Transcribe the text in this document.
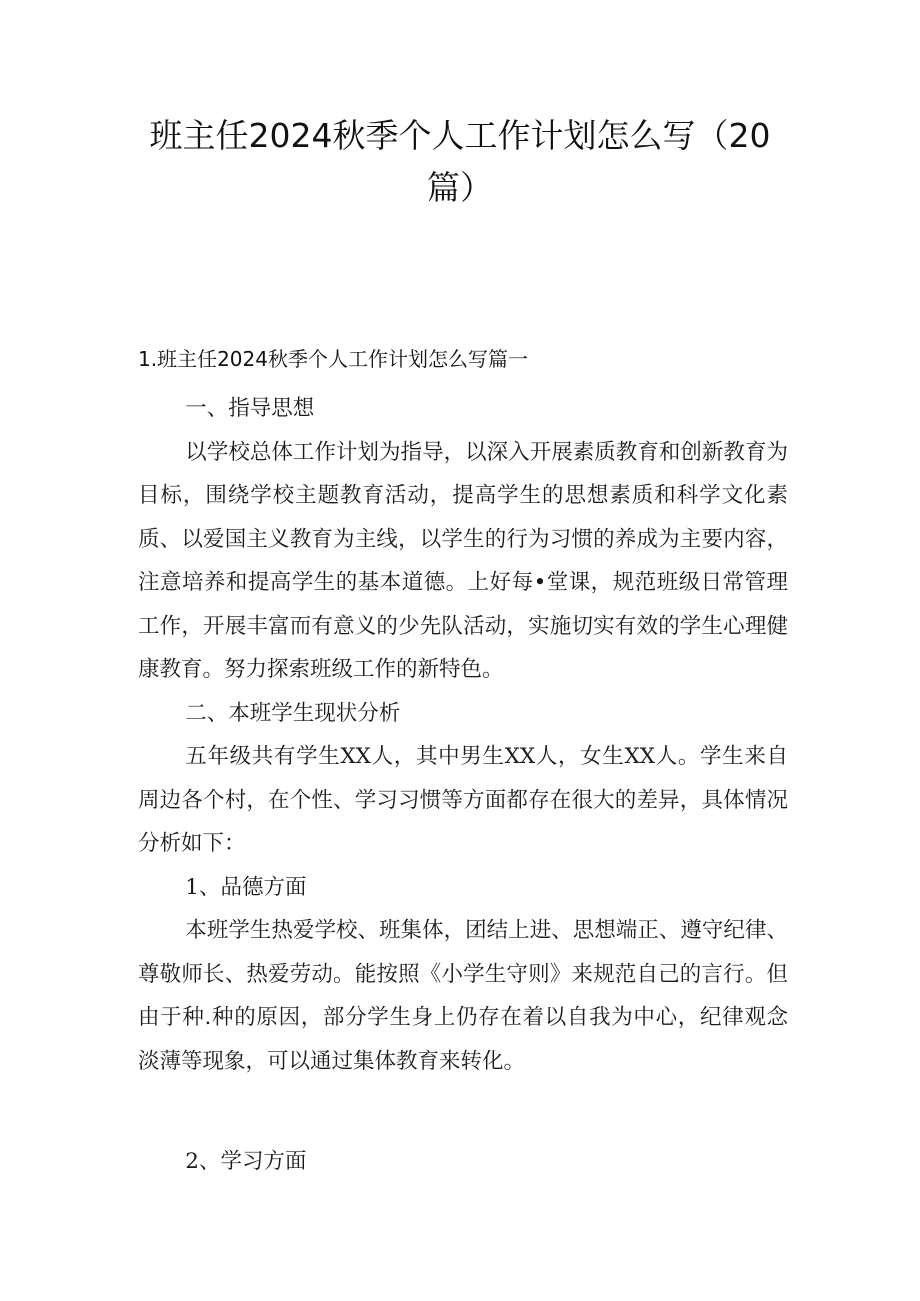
班主任2024秋季个人工作计划怎么写（20
篇）
1.班主任2024秋季个人工作计划怎么写篇一

一、指导思想

以学校总体工作计划为指导，以深入开展素质教育和创新教育为目标，围绕学校主题教育活动，提高学生的思想素质和科学文化素质、以爱国主义教育为主线，以学生的行为习惯的养成为主要内容，注意培养和提高学生的基本道德。上好每•堂课，规范班级日常管理工作，开展丰富而有意义的少先队活动，实施切实有效的学生心理健康教育。努力探索班级工作的新特色。

二、本班学生现状分析

五年级共有学生XX人，其中男生XX人，女生XX人。学生来自周边各个村，在个性、学习习惯等方面都存在很大的差异，具体情况分析如下：

1、品德方面

本班学生热爱学校、班集体，团结上进、思想端正、遵守纪律、尊敬师长、热爱劳动。能按照《小学生守则》来规范自己的言行。但由于种.种的原因，部分学生身上仍存在着以自我为中心，纪律观念淡薄等现象，可以通过集体教育来转化。

2、学习方面
